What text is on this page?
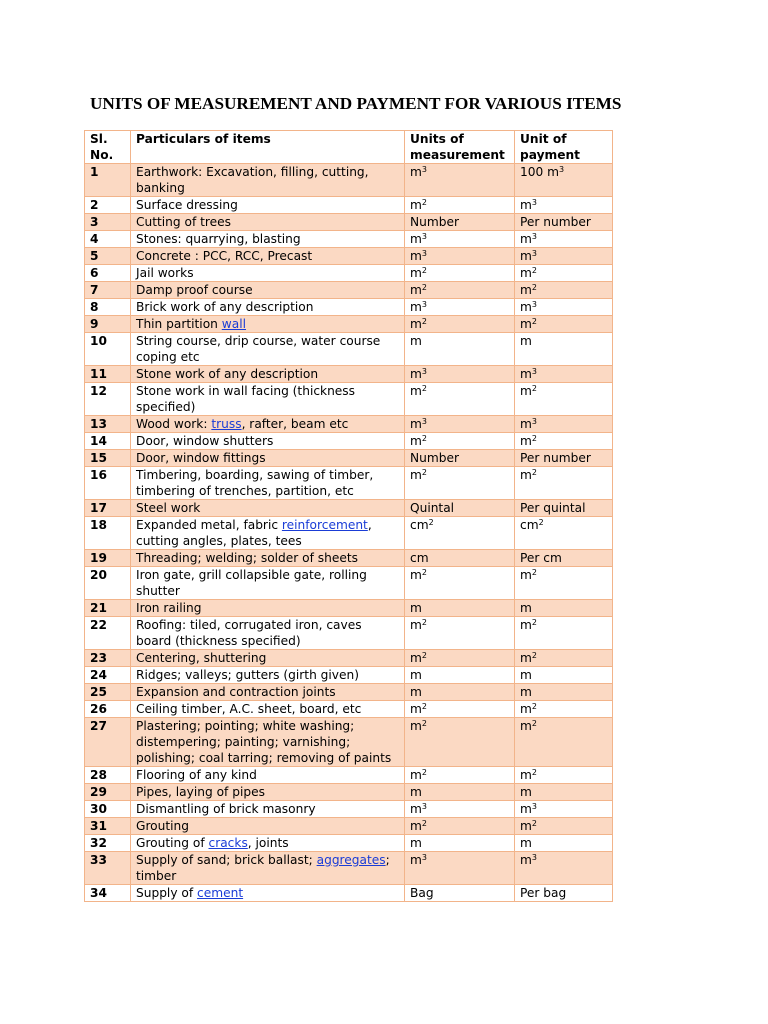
UNITS OF MEASUREMENT AND PAYMENT FOR VARIOUS ITEMS
Sl. No.	Particulars of items	Units of measurement	Unit of payment
1	Earthwork: Excavation, filling, cutting, banking	$m^3$	100 $m^3$
2	Surface dressing	$m^2$	$m^3$
3	Cutting of trees	Number	Per number
4	Stones: quarrying, blasting	$m^3$	$m^3$
5	Concrete : PCC, RCC, Precast	$m^3$	$m^3$
6	Jail works	$m^2$	$m^2$
7	Damp proof course	$m^2$	$m^2$
8	Brick work of any description	$m^3$	$m^3$
9	Thin partition wall	$m^2$	$m^2$
10	String course, drip course, water course coping etc	m	m
11	Stone work of any description	$m^3$	$m^3$
12	Stone work in wall facing (thickness specified)	$m^2$	$m^2$
13	Wood work: truss, rafter, beam etc	$m^3$	$m^3$
14	Door, window shutters	$m^2$	$m^2$
15	Door, window fittings	Number	Per number
16	Timbering, boarding, sawing of timber, timbering of trenches, partition, etc	$m^2$	$m^2$
17	Steel work	Quintal	Per quintal
18	Expanded metal, fabric reinforcement, cutting angles, plates, tees	$cm^2$	$cm^2$
19	Threading; welding; solder of sheets	cm	Per cm
20	Iron gate, grill collapsible gate, rolling shutter	$m^2$	$m^2$
21	Iron railing	m	m
22	Roofing: tiled, corrugated iron, caves board (thickness specified)	$m^2$	$m^2$
23	Centering, shuttering	$m^2$	$m^2$
24	Ridges; valleys; gutters (girth given)	m	m
25	Expansion and contraction joints	m	m
26	Ceiling timber, A.C. sheet, board, etc	$m^2$	$m^2$
27	Plastering; pointing; white washing; distempering; painting; varnishing; polishing; coal tarring; removing of paints	$m^2$	$m^2$
28	Flooring of any kind	$m^2$	$m^2$
29	Pipes, laying of pipes	m	m
30	Dismantling of brick masonry	$m^3$	$m^3$
31	Grouting	$m^2$	$m^2$
32	Grouting of cracks, joints	m	m
33	Supply of sand; brick ballast; aggregates; timber	$m^3$	$m^3$
34	Supply of cement	Bag	Per bag
